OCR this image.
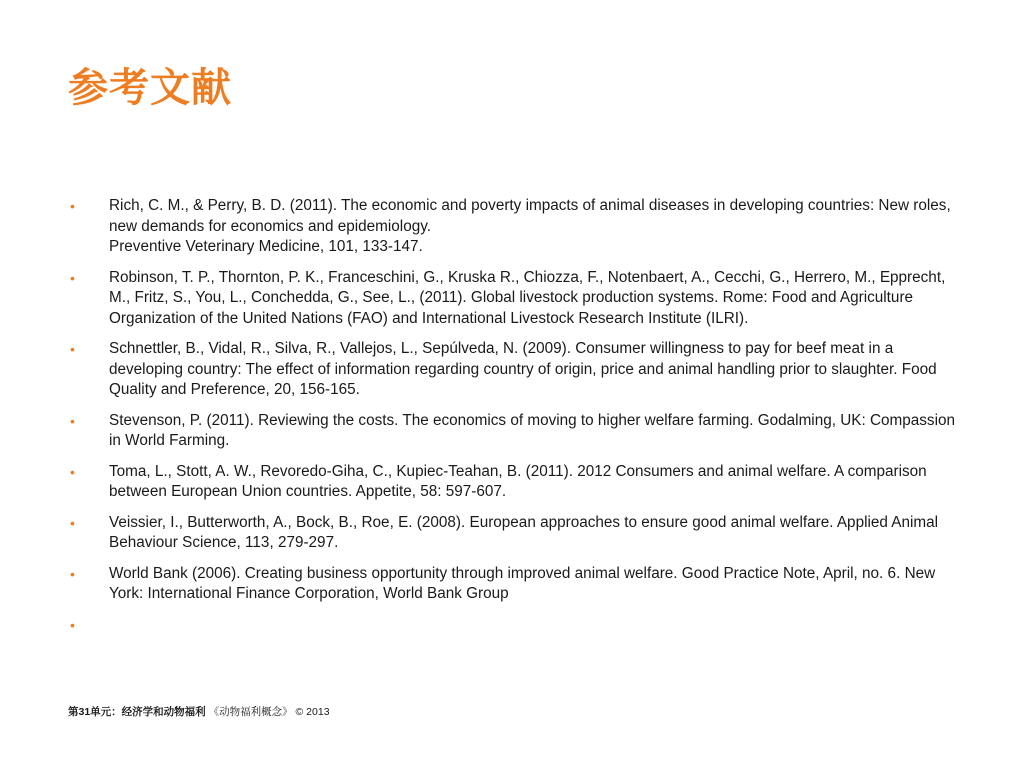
参考文献
• Rich, C. M., & Perry, B. D. (2011). The economic and poverty impacts of animal diseases in developing countries: New roles, new demands for economics and epidemiology.
Preventive Veterinary Medicine, 101, 133-147.
• Robinson, T. P., Thornton, P. K., Franceschini, G., Kruska R., Chiozza, F., Notenbaert, A., Cecchi, G., Herrero, M., Epprecht, M., Fritz, S., You, L., Conchedda, G., See, L., (2011). Global livestock production systems. Rome: Food and Agriculture Organization of the United Nations (FAO) and International Livestock Research Institute (ILRI).
• Schnettler, B., Vidal, R., Silva, R., Vallejos, L., Sepúlveda, N. (2009). Consumer willingness to pay for beef meat in a developing country: The effect of information regarding country of origin, price and animal handling prior to slaughter. Food Quality and Preference, 20, 156-165.
• Stevenson, P. (2011). Reviewing the costs. The economics of moving to higher welfare farming. Godalming, UK: Compassion in World Farming.
• Toma, L., Stott, A. W., Revoredo-Giha, C., Kupiec-Teahan, B. (2011). 2012 Consumers and animal welfare. A comparison between European Union countries. Appetite, 58: 597-607.
• Veissier, I., Butterworth, A., Bock, B., Roe, E. (2008). European approaches to ensure good animal welfare. Applied Animal Behaviour Science, 113, 279-297.
• World Bank (2006). Creating business opportunity through improved animal welfare. Good Practice Note, April, no. 6. New York: International Finance Corporation, World Bank Group
•
第31单元：经济学和动物福利 《动物福利概念》 © 2013
